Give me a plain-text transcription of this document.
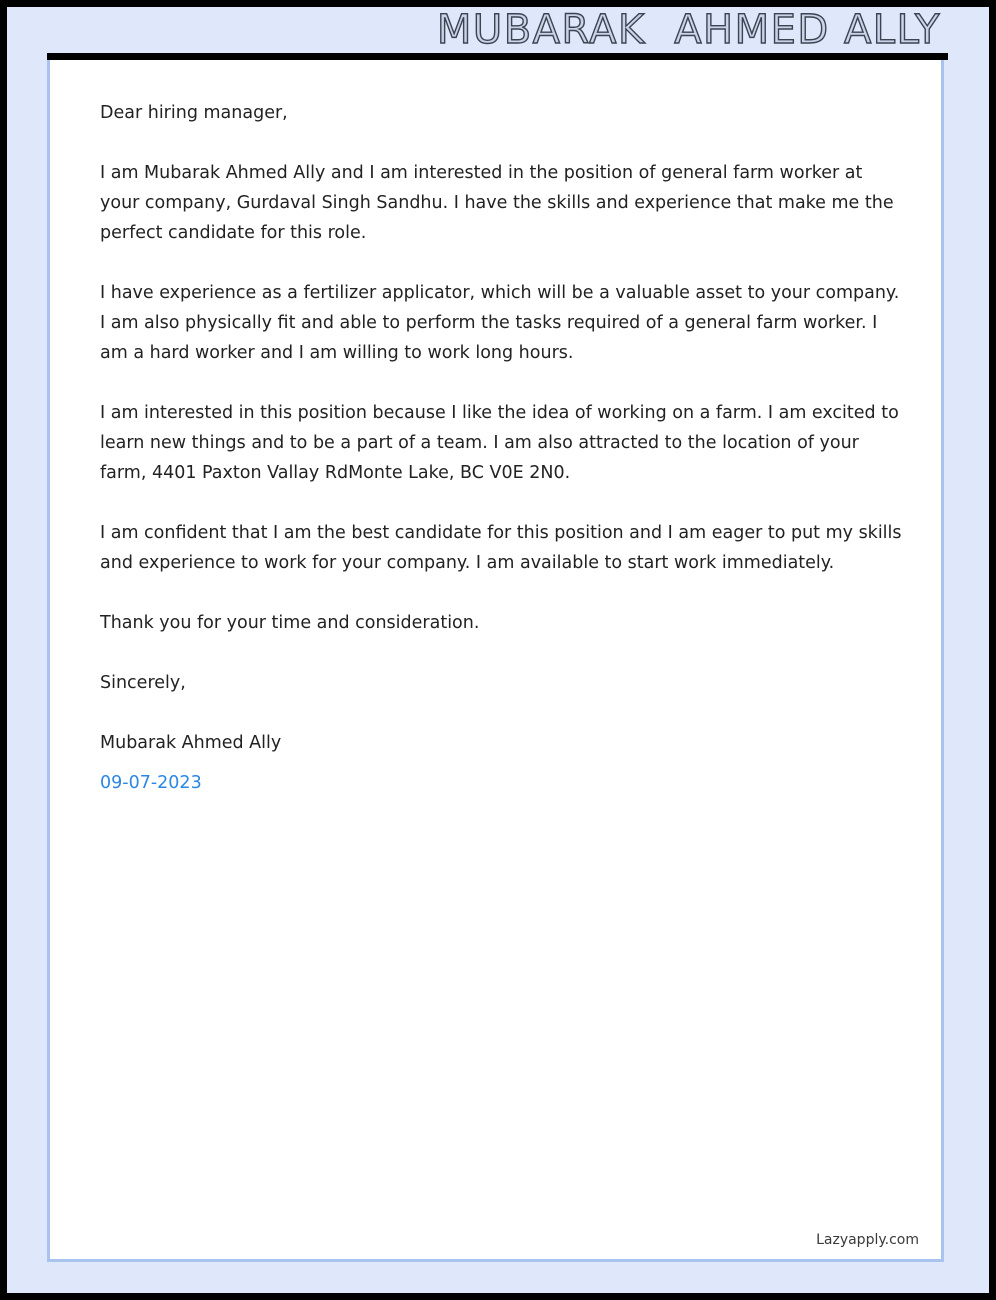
MUBARAK  AHMED ALLY

Dear hiring manager,

I am Mubarak Ahmed Ally and I am interested in the position of general farm worker at your company, Gurdaval Singh Sandhu. I have the skills and experience that make me the perfect candidate for this role.

I have experience as a fertilizer applicator, which will be a valuable asset to your company. I am also physically fit and able to perform the tasks required of a general farm worker. I am a hard worker and I am willing to work long hours.

I am interested in this position because I like the idea of working on a farm. I am excited to learn new things and to be a part of a team. I am also attracted to the location of your farm, 4401 Paxton Vallay RdMonte Lake, BC V0E 2N0.

I am confident that I am the best candidate for this position and I am eager to put my skills and experience to work for your company. I am available to start work immediately.

Thank you for your time and consideration.

Sincerely,

Mubarak Ahmed Ally

09-07-2023

Lazyapply.com
